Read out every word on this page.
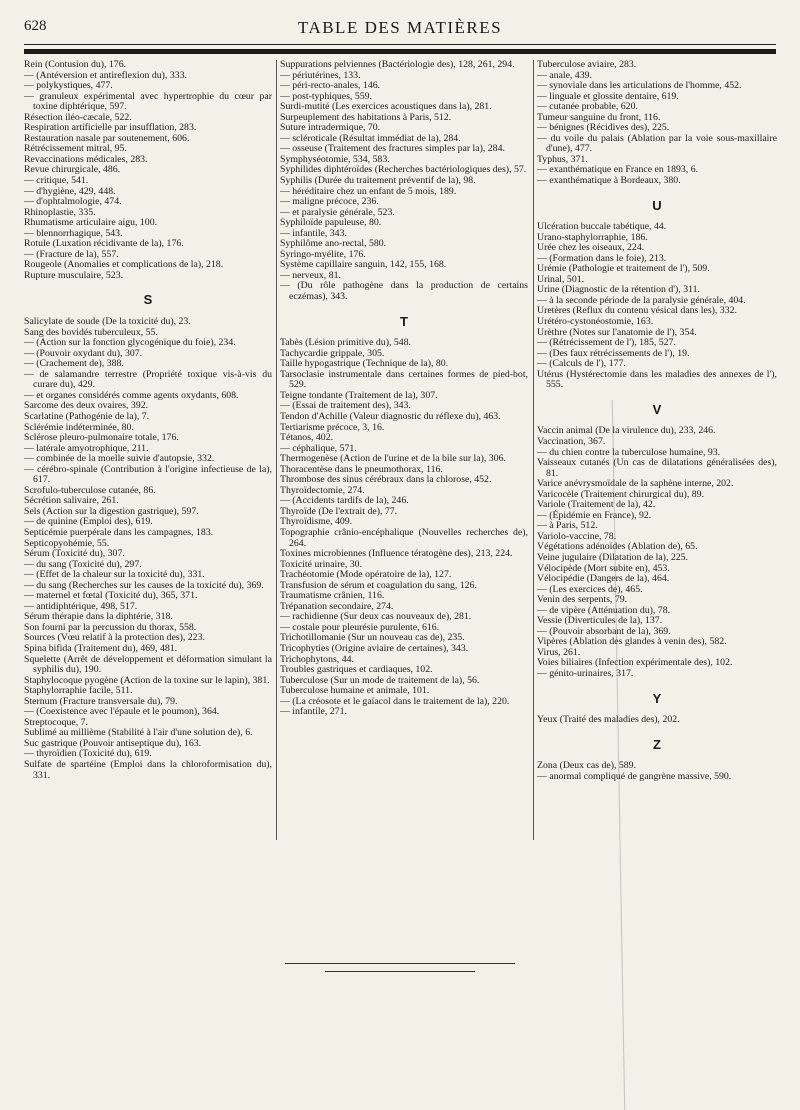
628	TABLE DES MATIÈRES
Rein (Contusion du), 176.
— (Antéversion et antireflexion du), 333.
— polykystiques, 477.
— granuleux expérimental avec hypertrophie du cœur par toxine diphtérique, 597.
Résection iléo-cæcale, 522.
Respiration artificielle par insufflation, 283.
Restauration nasale par soutenement, 606.
Rétrécissement mitral, 95.
Revaccinations médicales, 283.
Revue chirurgicale, 486.
— critique, 541.
— d'hygiène, 429, 448.
— d'ophtalmologie, 474.
Rhinoplastie, 335.
Rhumatisme articulaire aigu, 100.
— blennorrhagique, 543.
Rotule (Luxation récidivante de la), 176.
— (Fracture de la), 557.
Rougeole (Anomalies et complications de la), 218.
Rupture musculaire, 523.
S
Salicylate de soude (De la toxicité du), 23.
Sang des bovidés tuberculeux, 55.
— (Action sur la fonction glycogénique du foie), 234.
— (Pouvoir oxydant du), 307.
— (Crachement de), 388.
— de salamandre terrestre (Propriété toxique vis-à-vis du curare du), 429.
— et organes considérés comme agents oxydants, 608.
Sarcome des deux ovaires, 392.
Scarlatine (Pathogénie de la), 7.
Sclérémie indéterminée, 80.
Sclérose pleuro-pulmonaire totale, 176.
— latérale amyotrophique, 211.
— combinée de la moelle suivie d'autopsie, 332.
— cérébro-spinale (Contribution à l'origine infectieuse de la), 617.
Scrofulo-tuberculose cutanée, 86.
Sécrétion salivaire, 261.
Sels (Action sur la digestion gastrique), 597.
— de quinine (Emploi des), 619.
Septicémie puerpérale dans les campagnes, 183.
Septicopyohémie, 55.
Sérum (Toxicité du), 307.
— du sang (Toxicité du), 297.
— (Effet de la chaleur sur la toxicité du), 331.
— du sang (Recherches sur les causes de la toxicité du), 369.
— maternel et fœtal (Toxicité du), 365, 371.
— antidiphtérique, 498, 517.
Sérum thérapie dans la diphtérie, 318.
Son fourni par la percussion du thorax, 558.
Sources (Vœu relatif à la protection des), 223.
Spina bifida (Traitement du), 469, 481.
Squelette (Arrêt de développement et déformation simulant la syphilis du), 190.
Staphylocoque pyogène (Action de la toxine sur le lapin), 381.
Staphylorraphie facile, 511.
Sternum (Fracture transversale du), 79.
— (Coexistence avec l'épaule et le poumon), 364.
Streptocoque, 7.
Sublimé au millième (Stabilité à l'air d'une solution de), 6.
Suc gastrique (Pouvoir antiseptique du), 163.
— thyroïdien (Toxicité du), 619.
Sulfate de spartéine (Emploi dans la chloroformisation du), 331.
Suppurations pelviennes (Bactériologie des), 128, 261, 294.
— périutérines, 133.
— péri-recto-anales, 146.
— post-typhiques, 559.
Surdi-mutité (Les exercices acoustiques dans la), 281.
Surpeuplement des habitations à Paris, 512.
Suture intradermique, 70.
— scléroticale (Résultat immédiat de la), 284.
— osseuse (Traitement des fractures simples par la), 284.
Symphyséotomie, 534, 583.
Syphilides diphtéroïdes (Recherches bactériologiques des), 57.
Syphilis (Durée du traitement préventif de la), 98.
— héréditaire chez un enfant de 5 mois, 189.
— maligne précoce, 236.
— et paralysie générale, 523.
Syphiloïde papuleuse, 80.
— infantile, 343.
Syphilôme ano-rectal, 580.
Syringo-myélite, 176.
Système capillaire sanguin, 142, 155, 168.
— nerveux, 81.
— (Du rôle pathogène dans la production de certains eczémas), 343.
T
Tabès (Lésion primitive du), 548.
Tachycardie grippale, 305.
Taille hypogastrique (Technique de la), 80.
Tarsoclasie instrumentale dans certaines formes de pied-bot, 529.
Teigne tondante (Traitement de la), 307.
— (Essai de traitement des), 343.
Tendon d'Achille (Valeur diagnostic du réflexe du), 463.
Tertiarisme précoce, 3, 16.
Tétanos, 402.
— céphalique, 571.
Thermogenèse (Action de l'urine et de la bile sur la), 306.
Thoracentèse dans le pneumothorax, 116.
Thrombose des sinus cérébraux dans la chlorose, 452.
Thyroïdectomie, 274.
— (Accidents tardifs de la), 246.
Thyroïde (De l'extrait de), 77.
Thyroïdisme, 409.
Topographie crânio-encéphalique (Nouvelles recherches de), 264.
Toxines microbiennes (Influence tératogène des), 213, 224.
Toxicité urinaire, 30.
Trachéotomie (Mode opératoire de la), 127.
Transfusion de sérum et coagulation du sang, 126.
Traumatisme crânien, 116.
Trépanation secondaire, 274.
— rachidienne (Sur deux cas nouveaux de), 281.
— costale pour pleurésie purulente, 616.
Trichotillomanie (Sur un nouveau cas de), 235.
Tricophyties (Origine aviaire de certaines), 343.
Trichophytons, 44.
Troubles gastriques et cardiaques, 102.
Tuberculose (Sur un mode de traitement de la), 56.
Tuberculose humaine et animale, 101.
— (La créosote et le gaïacol dans le traitement de la), 220.
— infantile, 271.
Tuberculose aviaire, 283.
— anale, 439.
— synoviale dans les articulations de l'homme, 452.
— linguale et glossite dentaire, 619.
— cutanée probable, 620.
Tumeur sanguine du front, 116.
— bénignes (Récidives des), 225.
— du voile du palais (Ablation par la voie sous-maxillaire d'une), 477.
Typhus, 371.
— exanthématique en France en 1893, 6.
— exanthématique à Bordeaux, 380.
U
Ulcération buccale tabétique, 44.
Urano-staphylorraphie, 186.
Urée chez les oiseaux, 224.
— (Formation dans le foie), 213.
Urémie (Pathologie et traitement de l'), 509.
Urinal, 501.
Urine (Diagnostic de la rétention d'), 311.
— à la seconde période de la paralysie générale, 404.
Uretères (Reflux du contenu vésical dans les), 332.
Urétéro-cystonéostomie, 163.
Urèthre (Notes sur l'anatomie de l'), 354.
— (Rétrécissement de l'), 185, 527.
— (Des faux rétrécissements de l'), 19.
— (Calculs de l'), 177.
Utérus (Hystérectomie dans les maladies des annexes de l'), 555.
V
Vaccin animal (De la virulence du), 233, 246.
Vaccination, 367.
— du chien contre la tuberculose humaine, 93.
Vaisseaux cutanés (Un cas de dilatations généralisées des), 81.
Varice anévrysmoïdale de la saphène interne, 202.
Varicocèle (Traitement chirurgical du), 89.
Variole (Traitement de la), 42.
— (Épidémie en France), 92.
— à Paris, 512.
Variolo-vaccine, 78.
Végétations adénoïdes (Ablation de), 65.
Veine jugulaire (Dilatation de la), 225.
Vélocipède (Mort subite en), 453.
Vélocipédie (Dangers de la), 464.
— (Les exercices de), 465.
Venin des serpents, 79.
— de vipère (Atténuation du), 78.
Vessie (Diverticules de la), 137.
— (Pouvoir absorbant de la), 369.
Vipères (Ablation des glandes à venin des), 582.
Virus, 261.
Voies biliaires (Infection expérimentale des), 102.
— génito-urinaires, 317.
Y
Yeux (Traité des maladies des), 202.
Z
Zona (Deux cas de), 589.
— anormal compliqué de gangrène massive, 590.
